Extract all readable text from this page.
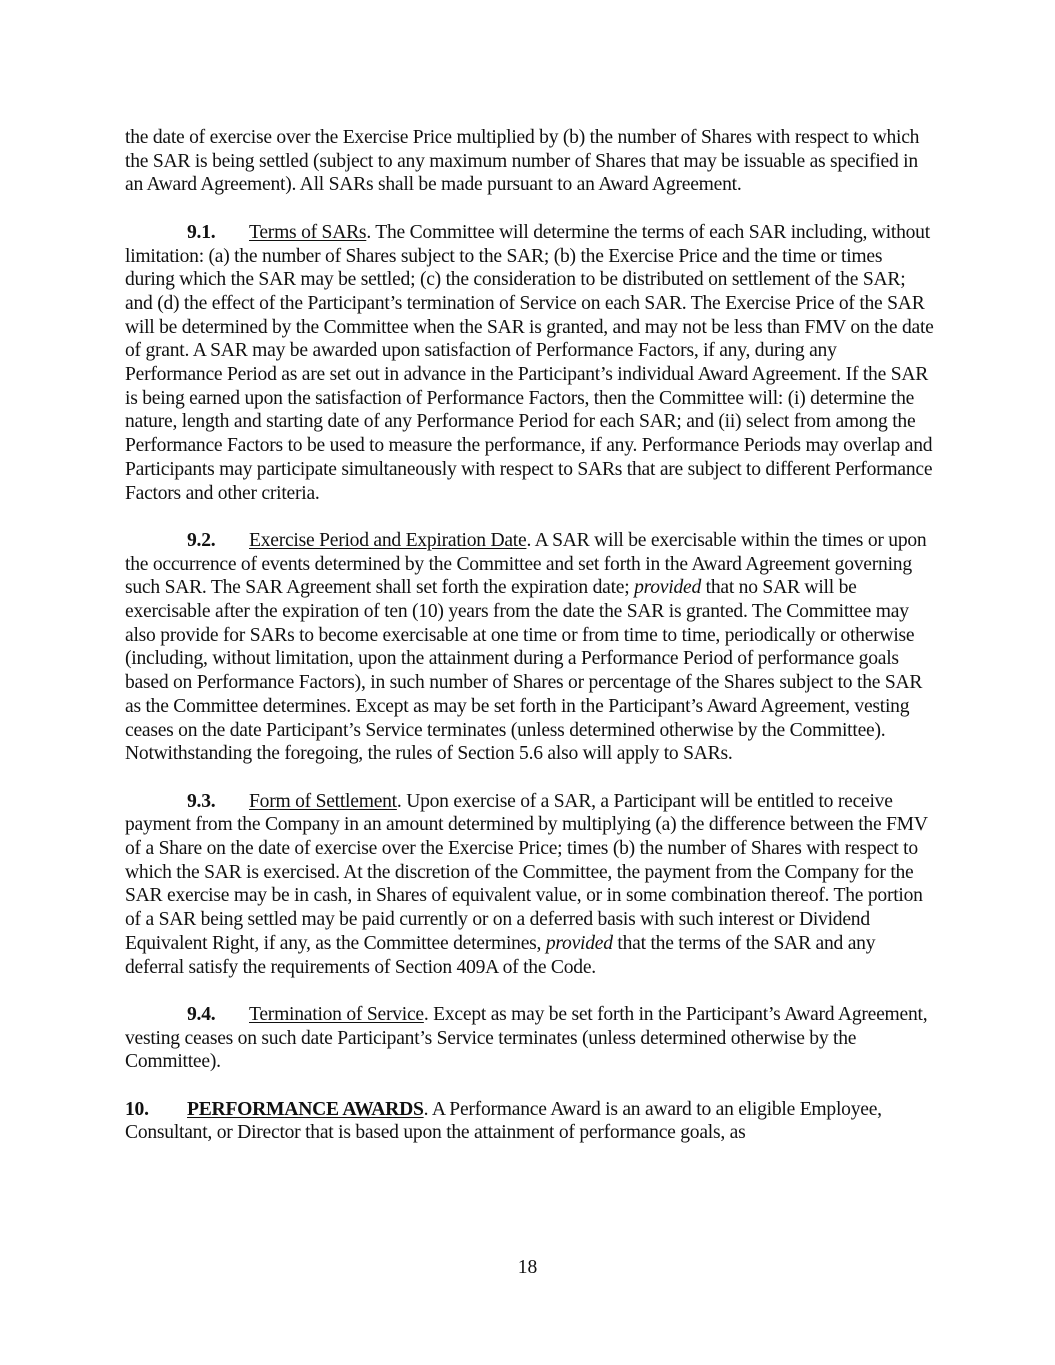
the date of exercise over the Exercise Price multiplied by (b) the number of Shares with respect to which the SAR is being settled (subject to any maximum number of Shares that may be issuable as specified in an Award Agreement). All SARs shall be made pursuant to an Award Agreement.

9.1. Terms of SARs. The Committee will determine the terms of each SAR including, without limitation: (a) the number of Shares subject to the SAR; (b) the Exercise Price and the time or times during which the SAR may be settled; (c) the consideration to be distributed on settlement of the SAR; and (d) the effect of the Participant’s termination of Service on each SAR. The Exercise Price of the SAR will be determined by the Committee when the SAR is granted, and may not be less than FMV on the date of grant. A SAR may be awarded upon satisfaction of Performance Factors, if any, during any Performance Period as are set out in advance in the Participant’s individual Award Agreement. If the SAR is being earned upon the satisfaction of Performance Factors, then the Committee will: (i) determine the nature, length and starting date of any Performance Period for each SAR; and (ii) select from among the Performance Factors to be used to measure the performance, if any. Performance Periods may overlap and Participants may participate simultaneously with respect to SARs that are subject to different Performance Factors and other criteria.

9.2. Exercise Period and Expiration Date. A SAR will be exercisable within the times or upon the occurrence of events determined by the Committee and set forth in the Award Agreement governing such SAR. The SAR Agreement shall set forth the expiration date; provided that no SAR will be exercisable after the expiration of ten (10) years from the date the SAR is granted. The Committee may also provide for SARs to become exercisable at one time or from time to time, periodically or otherwise (including, without limitation, upon the attainment during a Performance Period of performance goals based on Performance Factors), in such number of Shares or percentage of the Shares subject to the SAR as the Committee determines. Except as may be set forth in the Participant’s Award Agreement, vesting ceases on the date Participant’s Service terminates (unless determined otherwise by the Committee). Notwithstanding the foregoing, the rules of Section 5.6 also will apply to SARs.

9.3. Form of Settlement. Upon exercise of a SAR, a Participant will be entitled to receive payment from the Company in an amount determined by multiplying (a) the difference between the FMV of a Share on the date of exercise over the Exercise Price; times (b) the number of Shares with respect to which the SAR is exercised. At the discretion of the Committee, the payment from the Company for the SAR exercise may be in cash, in Shares of equivalent value, or in some combination thereof. The portion of a SAR being settled may be paid currently or on a deferred basis with such interest or Dividend Equivalent Right, if any, as the Committee determines, provided that the terms of the SAR and any deferral satisfy the requirements of Section 409A of the Code.

9.4. Termination of Service. Except as may be set forth in the Participant’s Award Agreement, vesting ceases on such date Participant’s Service terminates (unless determined otherwise by the Committee).

10. PERFORMANCE AWARDS. A Performance Award is an award to an eligible Employee, Consultant, or Director that is based upon the attainment of performance goals, as

18
